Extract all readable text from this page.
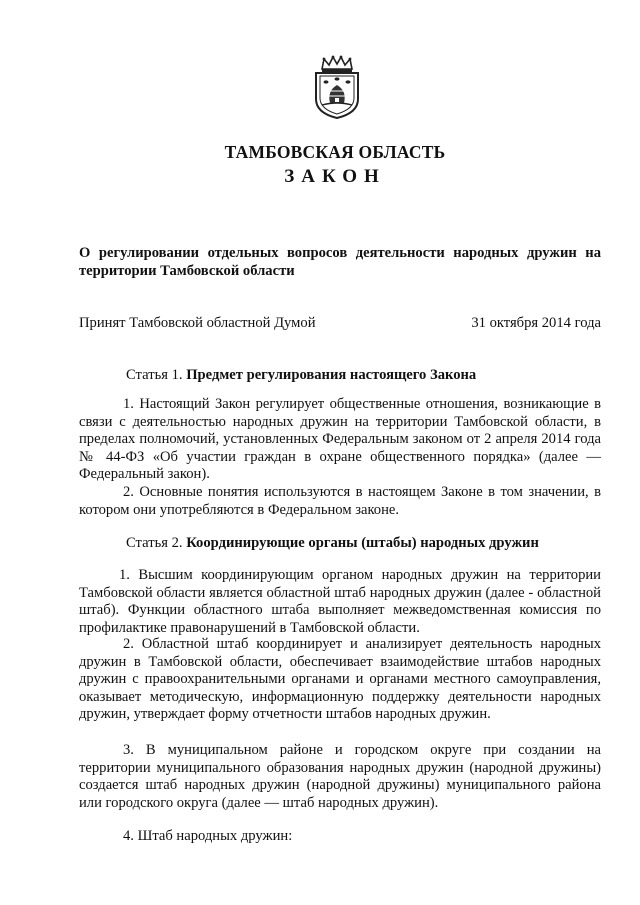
ТАМБОВСКАЯ ОБЛАСТЬ
ЗАКОН
О регулировании отдельных вопросов деятельности народных дружин на территории Тамбовской области
Принят Тамбовской областной Думой	31 октября 2014 года
Статья 1. Предмет регулирования настоящего Закона

1. Настоящий Закон регулирует общественные отношения, возникающие в связи с деятельностью народных дружин на территории Тамбовской области, в пределах полномочий, установленных Федеральным законом от 2 апреля 2014 года № 44-ФЗ «Об участии граждан в охране общественного порядка» (далее — Федеральный закон).

2. Основные понятия используются в настоящем Законе в том значении, в котором они употребляются в Федеральном законе.

Статья 2. Координирующие органы (штабы) народных дружин

1. Высшим координирующим органом народных дружин на территории Тамбовской области является областной штаб народных дружин (далее - областной штаб). Функции областного штаба выполняет межведомственная комиссия по профилактике правонарушений в Тамбовской области.

2. Областной штаб координирует и анализирует деятельность народных дружин в Тамбовской области, обеспечивает взаимодействие штабов народных дружин с правоохранительными органами и органами местного самоуправления, оказывает методическую, информационную поддержку деятельности народных дружин, утверждает форму отчетности штабов народных дружин.

3. В муниципальном районе и городском округе при создании на территории муниципального образования народных дружин (народной дружины) создается штаб народных дружин (народной дружины) муниципального района или городского округа (далее — штаб народных дружин).

4. Штаб народных дружин:
